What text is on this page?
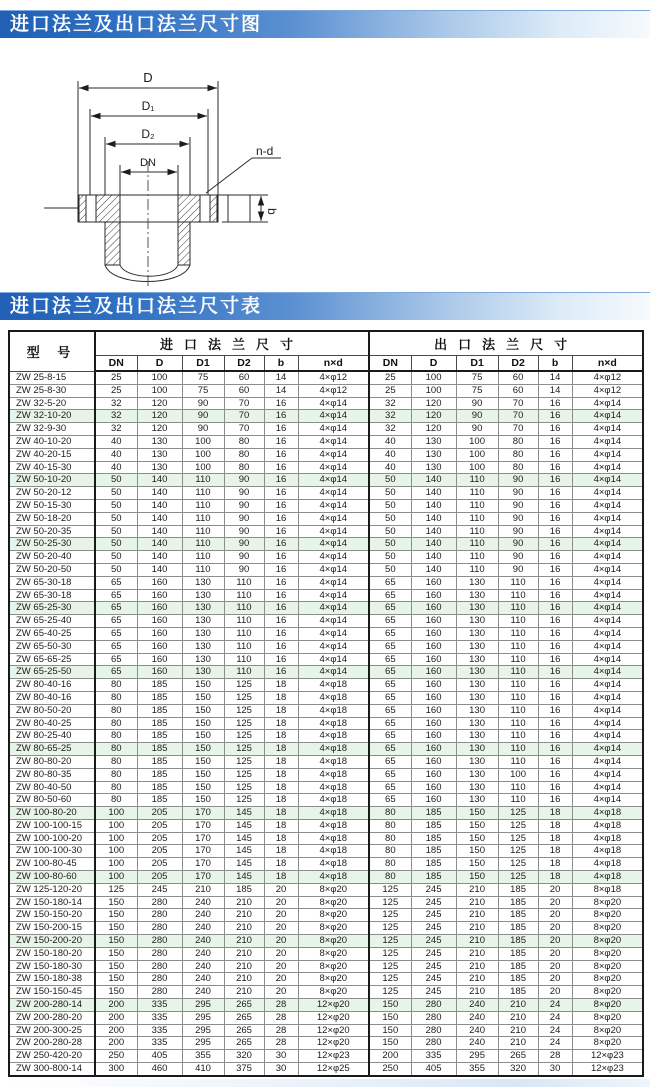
进口法兰及出口法兰尺寸图
D
D₁
D₂
DN
n-d
b
进口法兰及出口法兰尺寸表
型 号	进口法兰尺寸						出口法兰尺寸					
	DN	D	D1	D2	b	n×d	DN	D	D1	D2	b	n×d
ZW 25-8-15	25	100	75	60	14	4×φ12	25	100	75	60	14	4×φ12
ZW 25-8-30	25	100	75	60	14	4×φ12	25	100	75	60	14	4×φ12
ZW 32-5-20	32	120	90	70	16	4×φ14	32	120	90	70	16	4×φ14
ZW 32-10-20	32	120	90	70	16	4×φ14	32	120	90	70	16	4×φ14
ZW 32-9-30	32	120	90	70	16	4×φ14	32	120	90	70	16	4×φ14
ZW 40-10-20	40	130	100	80	16	4×φ14	40	130	100	80	16	4×φ14
ZW 40-20-15	40	130	100	80	16	4×φ14	40	130	100	80	16	4×φ14
ZW 40-15-30	40	130	100	80	16	4×φ14	40	130	100	80	16	4×φ14
ZW 50-10-20	50	140	110	90	16	4×φ14	50	140	110	90	16	4×φ14
ZW 50-20-12	50	140	110	90	16	4×φ14	50	140	110	90	16	4×φ14
ZW 50-15-30	50	140	110	90	16	4×φ14	50	140	110	90	16	4×φ14
ZW 50-18-20	50	140	110	90	16	4×φ14	50	140	110	90	16	4×φ14
ZW 50-20-35	50	140	110	90	16	4×φ14	50	140	110	90	16	4×φ14
ZW 50-25-30	50	140	110	90	16	4×φ14	50	140	110	90	16	4×φ14
ZW 50-20-40	50	140	110	90	16	4×φ14	50	140	110	90	16	4×φ14
ZW 50-20-50	50	140	110	90	16	4×φ14	50	140	110	90	16	4×φ14
ZW 65-30-18	65	160	130	110	16	4×φ14	65	160	130	110	16	4×φ14
ZW 65-30-18	65	160	130	110	16	4×φ14	65	160	130	110	16	4×φ14
ZW 65-25-30	65	160	130	110	16	4×φ14	65	160	130	110	16	4×φ14
ZW 65-25-40	65	160	130	110	16	4×φ14	65	160	130	110	16	4×φ14
ZW 65-40-25	65	160	130	110	16	4×φ14	65	160	130	110	16	4×φ14
ZW 65-50-30	65	160	130	110	16	4×φ14	65	160	130	110	16	4×φ14
ZW 65-65-25	65	160	130	110	16	4×φ14	65	160	130	110	16	4×φ14
ZW 65-25-50	65	160	130	110	16	4×φ14	65	160	130	110	16	4×φ14
ZW 80-40-16	80	185	150	125	18	4×φ18	65	160	130	110	16	4×φ14
ZW 80-40-16	80	185	150	125	18	4×φ18	65	160	130	110	16	4×φ14
ZW 80-50-20	80	185	150	125	18	4×φ18	65	160	130	110	16	4×φ14
ZW 80-40-25	80	185	150	125	18	4×φ18	65	160	130	110	16	4×φ14
ZW 80-25-40	80	185	150	125	18	4×φ18	65	160	130	110	16	4×φ14
ZW 80-65-25	80	185	150	125	18	4×φ18	65	160	130	110	16	4×φ14
ZW 80-80-20	80	185	150	125	18	4×φ18	65	160	130	110	16	4×φ14
ZW 80-80-35	80	185	150	125	18	4×φ18	65	160	130	100	16	4×φ14
ZW 80-40-50	80	185	150	125	18	4×φ18	65	160	130	110	16	4×φ14
ZW 80-50-60	80	185	150	125	18	4×φ18	65	160	130	110	16	4×φ14
ZW 100-80-20	100	205	170	145	18	4×φ18	80	185	150	125	18	4×φ18
ZW 100-100-15	100	205	170	145	18	4×φ18	80	185	150	125	18	4×φ18
ZW 100-100-20	100	205	170	145	18	4×φ18	80	185	150	125	18	4×φ18
ZW 100-100-30	100	205	170	145	18	4×φ18	80	185	150	125	18	4×φ18
ZW 100-80-45	100	205	170	145	18	4×φ18	80	185	150	125	18	4×φ18
ZW 100-80-60	100	205	170	145	18	4×φ18	80	185	150	125	18	4×φ18
ZW 125-120-20	125	245	210	185	20	8×φ20	125	245	210	185	20	8×φ18
ZW 150-180-14	150	280	240	210	20	8×φ20	125	245	210	185	20	8×φ20
ZW 150-150-20	150	280	240	210	20	8×φ20	125	245	210	185	20	8×φ20
ZW 150-200-15	150	280	240	210	20	8×φ20	125	245	210	185	20	8×φ20
ZW 150-200-20	150	280	240	210	20	8×φ20	125	245	210	185	20	8×φ20
ZW 150-180-20	150	280	240	210	20	8×φ20	125	245	210	185	20	8×φ20
ZW 150-180-30	150	280	240	210	20	8×φ20	125	245	210	185	20	8×φ20
ZW 150-180-38	150	280	240	210	20	8×φ20	125	245	210	185	20	8×φ20
ZW 150-150-45	150	280	240	210	20	8×φ20	125	245	210	185	20	8×φ20
ZW 200-280-14	200	335	295	265	28	12×φ20	150	280	240	210	24	8×φ20
ZW 200-280-20	200	335	295	265	28	12×φ20	150	280	240	210	24	8×φ20
ZW 200-300-25	200	335	295	265	28	12×φ20	150	280	240	210	24	8×φ20
ZW 200-280-28	200	335	295	265	28	12×φ20	150	280	240	210	24	8×φ20
ZW 250-420-20	250	405	355	320	30	12×φ23	200	335	295	265	28	12×φ23
ZW 300-800-14	300	460	410	375	30	12×φ25	250	405	355	320	30	12×φ23
